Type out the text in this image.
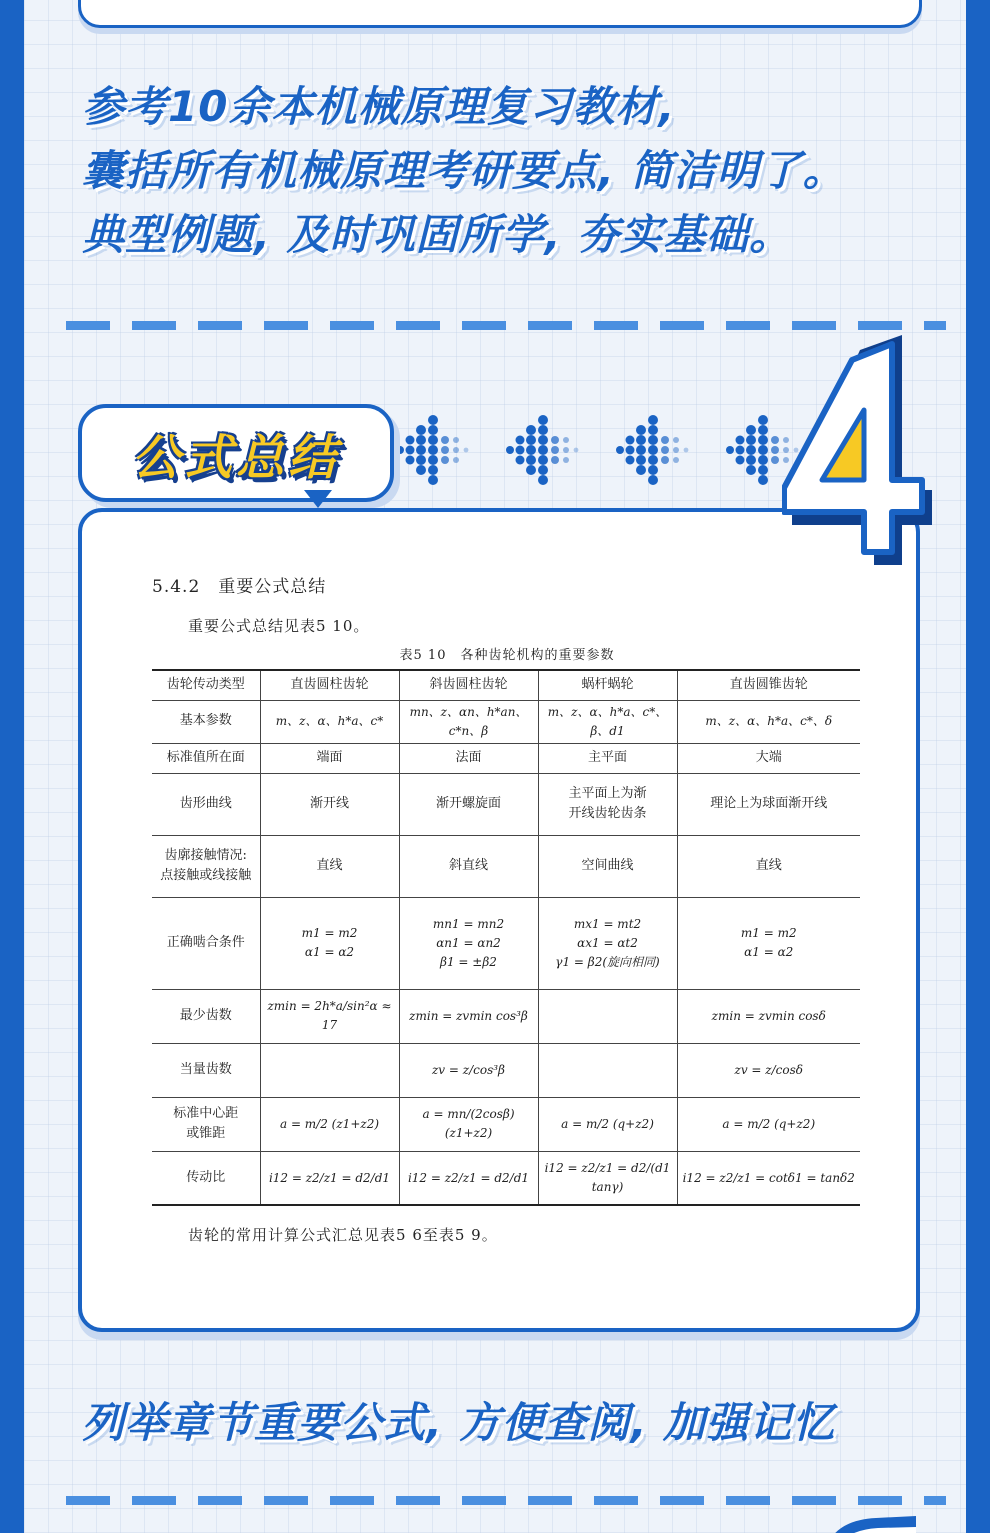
参考10余本机械原理复习教材,

囊括所有机械原理考研要点, 简洁明了。

典型例题, 及时巩固所学, 夯实基础。

公式总结
4

5.4.2　重要公式总结

重要公式总结见表5 10。

表5 10　各种齿轮机构的重要参数

齿轮传动类型	直齿圆柱齿轮	斜齿圆柱齿轮	蜗杆蜗轮	直齿圆锥齿轮
基本参数	m、z、α、h*a、c*	mn、z、αn、h*an、c*n、β	m、z、α、h*a、c*、β、d1	m、z、α、h*a、c*、δ
标准值所在面	端面	法面	主平面	大端
齿形曲线	渐开线	渐开螺旋面	主平面上为渐
开线齿轮齿条	理论上为球面渐开线
齿廓接触情况:
点接触或线接触	直线	斜直线	空间曲线	直线
正确啮合条件	m1 = m2
α1 = α2	mn1 = mn2
αn1 = αn2
β1 = ±β2	mx1 = mt2
αx1 = αt2
γ1 = β2(旋向相同)	m1 = m2
α1 = α2
最少齿数	zmin = 2h*a/sin²α ≈ 17	zmin = zvmin cos³β		zmin = zvmin cosδ
当量齿数		zv = z/cos³β		zv = z/cosδ
标准中心距
或锥距	a = m/2 (z1+z2)	a = mn/(2cosβ) (z1+z2)	a = m/2 (q+z2)	a = m/2 (q+z2)
传动比	i12 = z2/z1 = d2/d1	i12 = z2/z1 = d2/d1	i12 = z2/z1 = d2/(d1 tanγ)	i12 = z2/z1 = cotδ1 = tanδ2

齿轮的常用计算公式汇总见表5 6至表5 9。

列举章节重要公式, 方便查阅, 加强记忆
